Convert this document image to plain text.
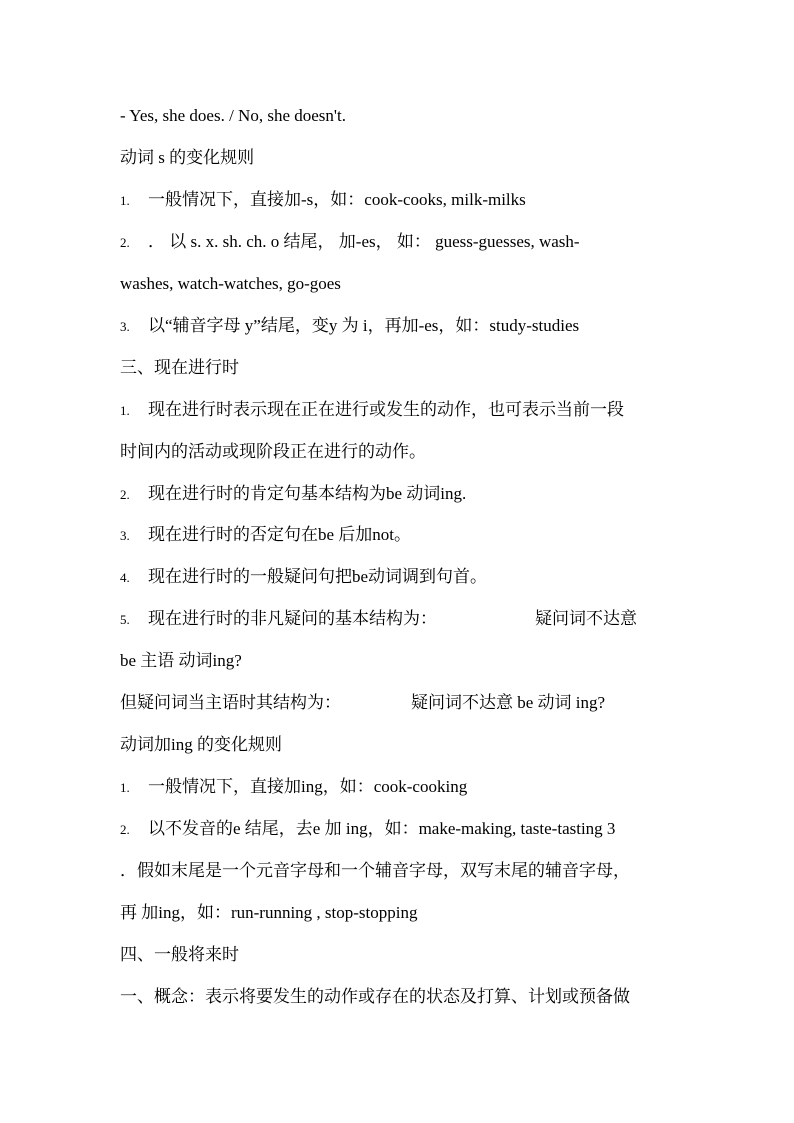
- Yes, she does. / No, she doesn't.
动词 s 的变化规则
1. 一般情况下，直接加-s，如：cook-cooks, milk-milks
2. ． 以 s. x. sh. ch. o 结尾， 加-es， 如： guess-guesses, wash-
washes, watch-watches, go-goes
3. 以“辅音字母 y”结尾，变y 为 i，再加-es，如：study-studies
三、现在进行时
1. 现在进行时表示现在正在进行或发生的动作，也可表示当前一段
时间内的活动或现阶段正在进行的动作。
2. 现在进行时的肯定句基本结构为be 动词ing.
3. 现在进行时的否定句在be 后加not。
4. 现在进行时的一般疑问句把be动词调到句首。
5. 现在进行时的非凡疑问的基本结构为：	疑问词不达意
be 主语 动词ing?
但疑问词当主语时其结构为：	疑问词不达意 be 动词 ing?
动词加ing 的变化规则
1. 一般情况下，直接加ing，如：cook-cooking
2. 以不发音的e 结尾，去e 加 ing，如：make-making, taste-tasting 3
．假如末尾是一个元音字母和一个辅音字母，双写末尾的辅音字母，
再 加ing，如：run-running , stop-stopping
四、一般将来时
一、概念：表示将要发生的动作或存在的状态及打算、计划或预备做
